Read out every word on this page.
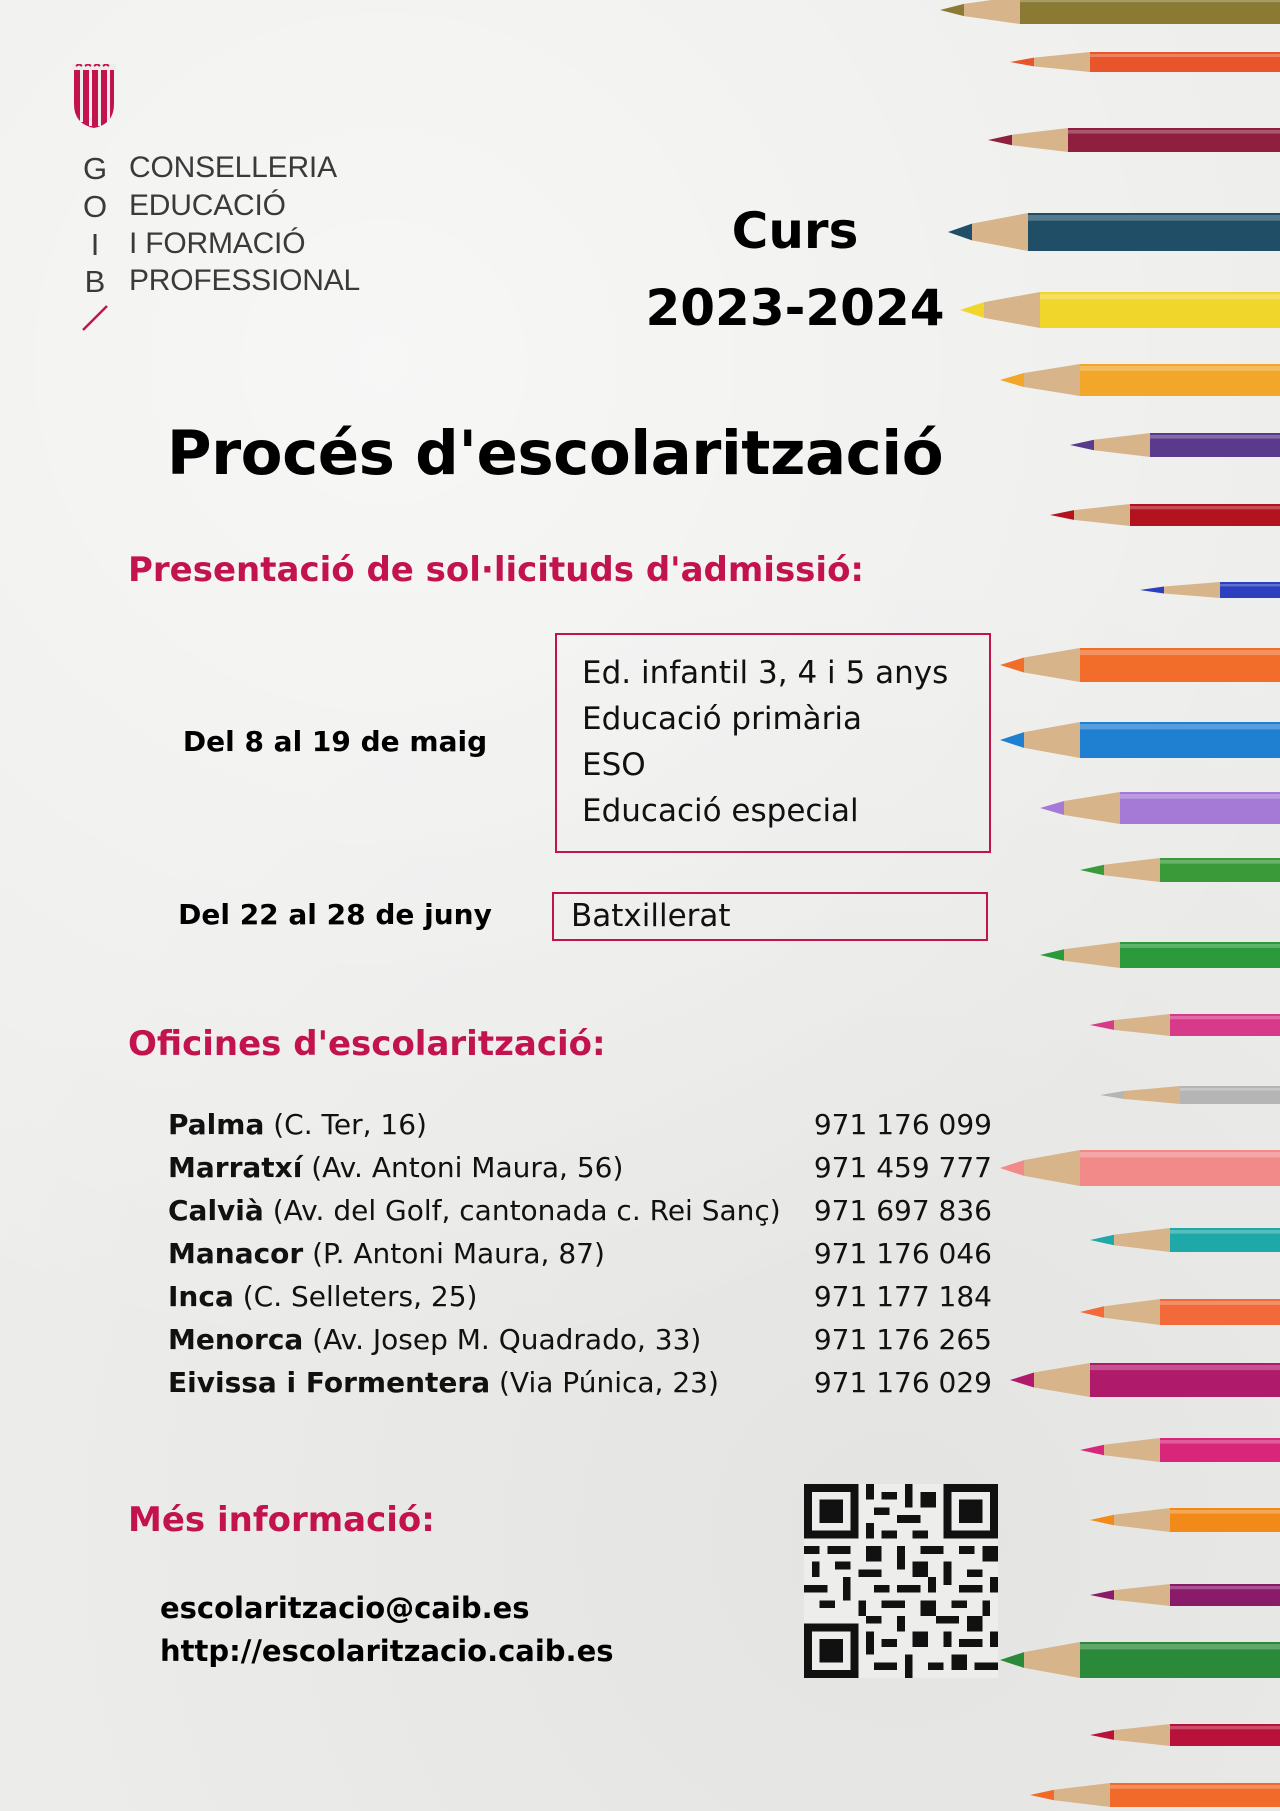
G
O
I
B
CONSELLERIA
EDUCACIÓ
I FORMACIÓ
PROFESSIONAL
Curs
2023-2024
Procés d'escolarització
Presentació de sol·licituds d'admissió:
Del 8 al 19 de maig
Ed. infantil 3, 4 i 5 anys
Educació primària
ESO
Educació especial
Del 22 al 28 de juny	Batxillerat
Oficines d'escolarització:
Palma (C. Ter, 16)	971 176 099
Marratxí (Av. Antoni Maura, 56)	971 459 777
Calvià (Av. del Golf, cantonada c. Rei Sanç) 971 697 836
Manacor (P. Antoni Maura, 87)	971 176 046
Inca (C. Selleters, 25)	971 177 184
Menorca (Av. Josep M. Quadrado, 33)	971 176 265
Eivissa i Formentera (Via Púnica, 23)	971 176 029
Més informació:
escolaritzacio@caib.es
http://escolaritzacio.caib.es
